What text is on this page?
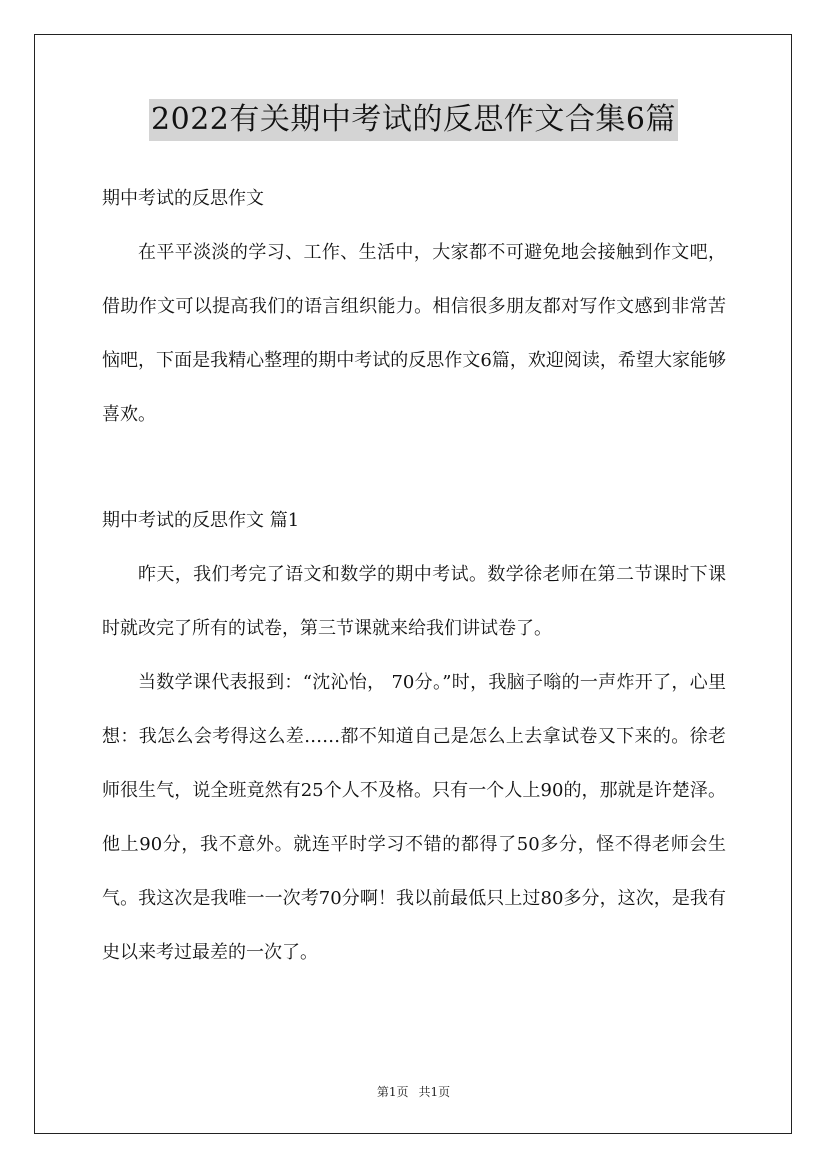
2022有关期中考试的反思作文合集6篇

期中考试的反思作文

在平平淡淡的学习、工作、生活中，大家都不可避免地会接触到作文吧，借助作文可以提高我们的语言组织能力。相信很多朋友都对写作文感到非常苦恼吧，下面是我精心整理的期中考试的反思作文6篇，欢迎阅读，希望大家能够喜欢。

期中考试的反思作文 篇1

昨天，我们考完了语文和数学的期中考试。数学徐老师在第二节课时下课时就改完了所有的试卷，第三节课就来给我们讲试卷了。

当数学课代表报到：“沈沁怡， 70分。”时，我脑子嗡的一声炸开了，心里想：我怎么会考得这么差……都不知道自己是怎么上去拿试卷又下来的。徐老师很生气，说全班竟然有25个人不及格。只有一个人上90的，那就是许楚泽。他上90分，我不意外。就连平时学习不错的都得了50多分，怪不得老师会生气。我这次是我唯一一次考70分啊！我以前最低只上过80多分，这次，是我有史以来考过最差的一次了。

第1页 共1页
